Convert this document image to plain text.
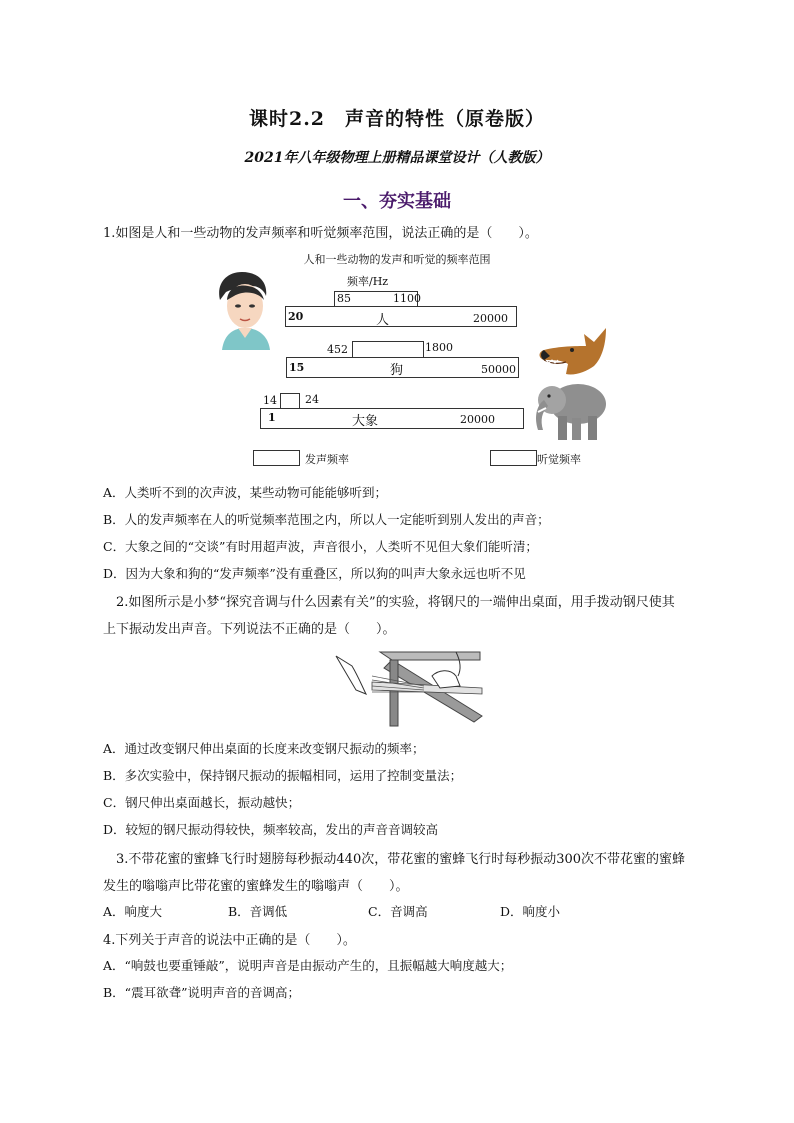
课时2.2　声音的特性（原卷版）
2021年八年级物理上册精品课堂设计（人教版）
一、夯实基础
1.如图是人和一些动物的发声频率和听觉频率范围，说法正确的是（　　）。
人和一些动物的发声和听觉的频率范围
频率/Hz
85	1100
20	人	20000
452	1800
15	狗	50000
14	24
1	大象	20000
发声频率	听觉频率
A．人类听不到的次声波，某些动物可能能够听到；
B．人的发声频率在人的听觉频率范围之内，所以人一定能听到别人发出的声音；
C．大象之间的“交谈”有时用超声波，声音很小，人类听不见但大象们能听清；
D．因为大象和狗的“发声频率”没有重叠区，所以狗的叫声大象永远也听不见
2.如图所示是小梦“探究音调与什么因素有关”的实验，将钢尺的一端伸出桌面，用手拨动钢尺使其
上下振动发出声音。下列说法不正确的是（　　）。
A．通过改变钢尺伸出桌面的长度来改变钢尺振动的频率；
B．多次实验中，保持钢尺振动的振幅相同，运用了控制变量法；
C．钢尺伸出桌面越长，振动越快；
D．较短的钢尺振动得较快，频率较高，发出的声音音调较高
3.不带花蜜的蜜蜂飞行时翅膀每秒振动440次，带花蜜的蜜蜂飞行时每秒振动300次不带花蜜的蜜蜂
发生的嗡嗡声比带花蜜的蜜蜂发生的嗡嗡声（　　）。
A．响度大	B．音调低	C．音调高	D．响度小
4.下列关于声音的说法中正确的是（　　）。
A．“响鼓也要重锤敲”，说明声音是由振动产生的，且振幅越大响度越大；
B．“震耳欲聋”说明声音的音调高；
